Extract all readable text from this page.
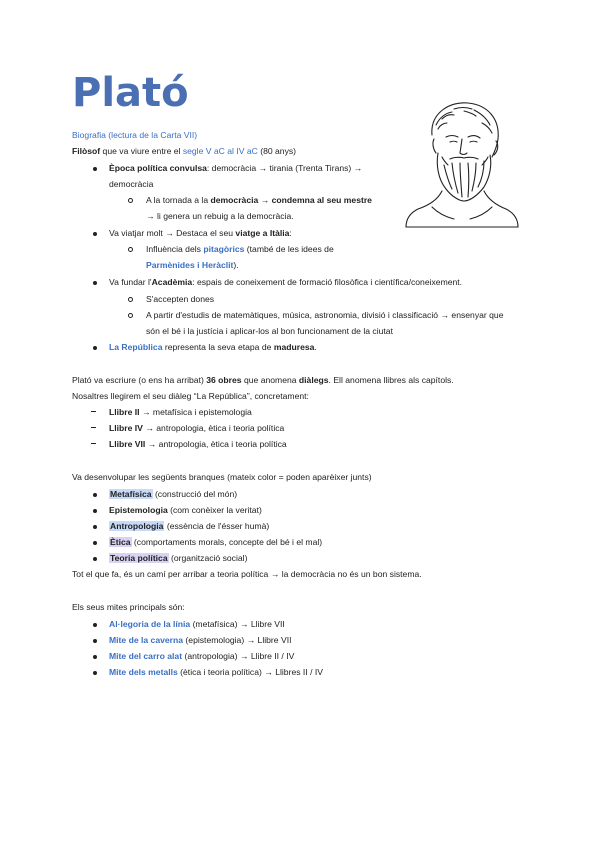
Plató
Biografia (lectura de la Carta VII)
Filòsof que va viure entre el segle V aC al IV aC (80 anys)
Època política convulsa: democràcia → tirania (Trenta Tirans) →
democràcia
A la tornada a la democràcia → condemna al seu mestre
→ li genera un rebuig a la democràcia.
Va viatjar molt → Destaca el seu viatge a Itàlia:
Influència dels pitagòrics (també de les idees de
Parmènides i Heràclit).
Va fundar l'Acadèmia: espais de coneixement de formació filosòfica i científica/coneixement.
S'accepten dones
A partir d'estudis de matemàtiques, música, astronomia, divisió i classificació → ensenyar que
són el bé i la justícia i aplicar-los al bon funcionament de la ciutat
La República representa la seva etapa de maduresa.
Plató va escriure (o ens ha arribat) 36 obres que anomena diàlegs. Ell anomena llibres als capítols.
Nosaltres llegirem el seu diàleg “La República”, concretament:
Llibre II → metafísica i epistemologia
Llibre IV → antropologia, ètica i teoria política
Llibre VII → antropologia, ètica i teoria política
Va desenvolupar les següents branques (mateix color = poden aparèixer junts)
Metafísica (construcció del món)
Epistemologia (com conèixer la veritat)
Antropologia (essència de l'ésser humà)
Ètica (comportaments morals, concepte del bé i el mal)
Teoria política (organització social)
Tot el que fa, és un camí per arribar a teoria política → la democràcia no és un bon sistema.
Els seus mites principals són:
Al·legoria de la línia (metafísica) → Llibre VII
Mite de la caverna (epistemologia) → Llibre VII
Mite del carro alat (antropologia) → Llibre II / IV
Mite dels metalls (ètica i teoria política) → Llibres II / IV
